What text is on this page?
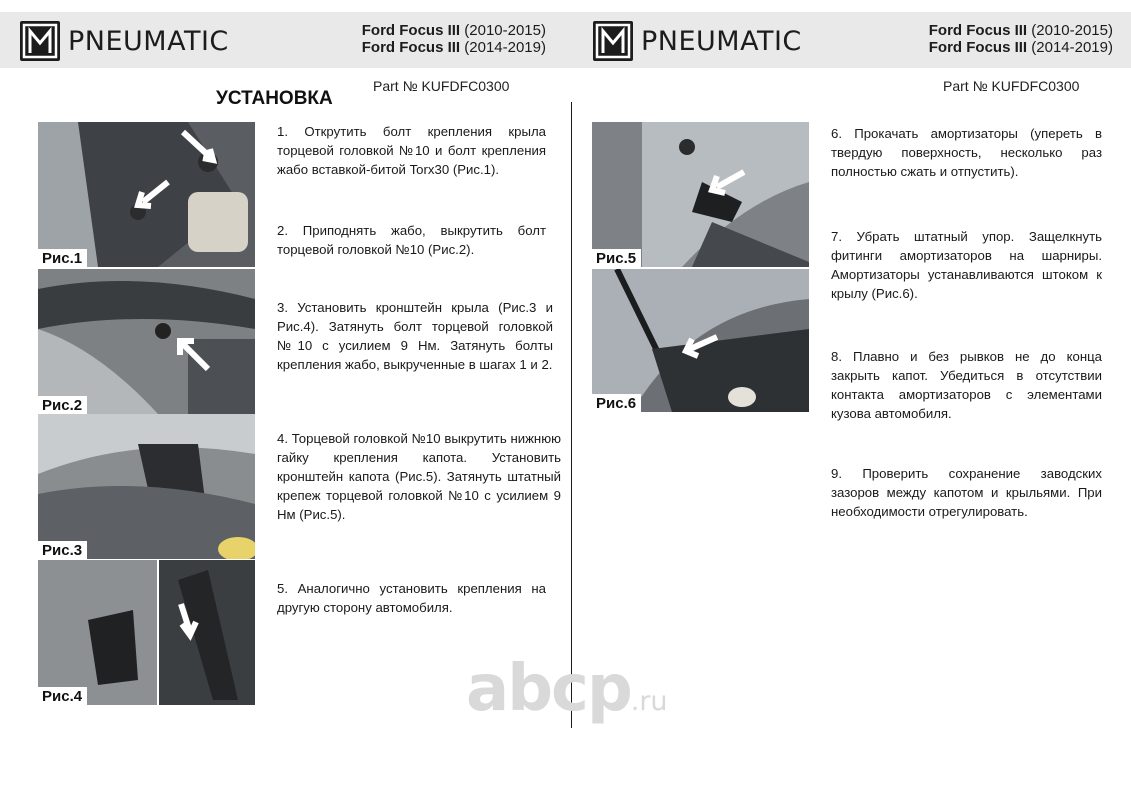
PNEUMATIC	Ford Focus III (2010-2015)
Ford Focus III (2014-2019)
Part № KUFDFC0300
УСТАНОВКА
PNEUMATIC	Ford Focus III (2010-2015)
Ford Focus III (2014-2019)
Part № KUFDFC0300
Рис.1
Рис.2
Рис.3
Рис.4
1. Открутить болт крепления крыла торцевой головкой №10 и болт крепления жабо вставкой-битой Torx30 (Рис.1).
2. Приподнять жабо, выкрутить болт торцевой головкой №10 (Рис.2).
3. Установить кронштейн крыла (Рис.3 и Рис.4). Затянуть болт торцевой головкой №10 с усилием 9 Нм. Затянуть болты крепления жабо, выкрученные в шагах 1 и 2.
4. Торцевой головкой №10 выкрутить нижнюю гайку крепления капота. Установить кронштейн капота (Рис.5). Затянуть штатный крепеж торцевой головкой №10 с усилием 9 Нм (Рис.5).
5. Аналогично установить крепления на другую сторону автомобиля.
Рис.5
Рис.6
6. Прокачать амортизаторы (упереть в твердую поверхность, несколько раз полностью сжать и отпустить).
7. Убрать штатный упор. Защелкнуть фитинги амортизаторов на шарниры. Амортизаторы устанавливаются штоком к крылу (Рис.6).
8. Плавно и без рывков не до конца закрыть капот. Убедиться в отсутствии контакта амортизаторов с элементами кузова автомобиля.
9. Проверить сохранение заводских зазоров между капотом и крыльями. При необходимости отрегулировать.
abcp.ru
